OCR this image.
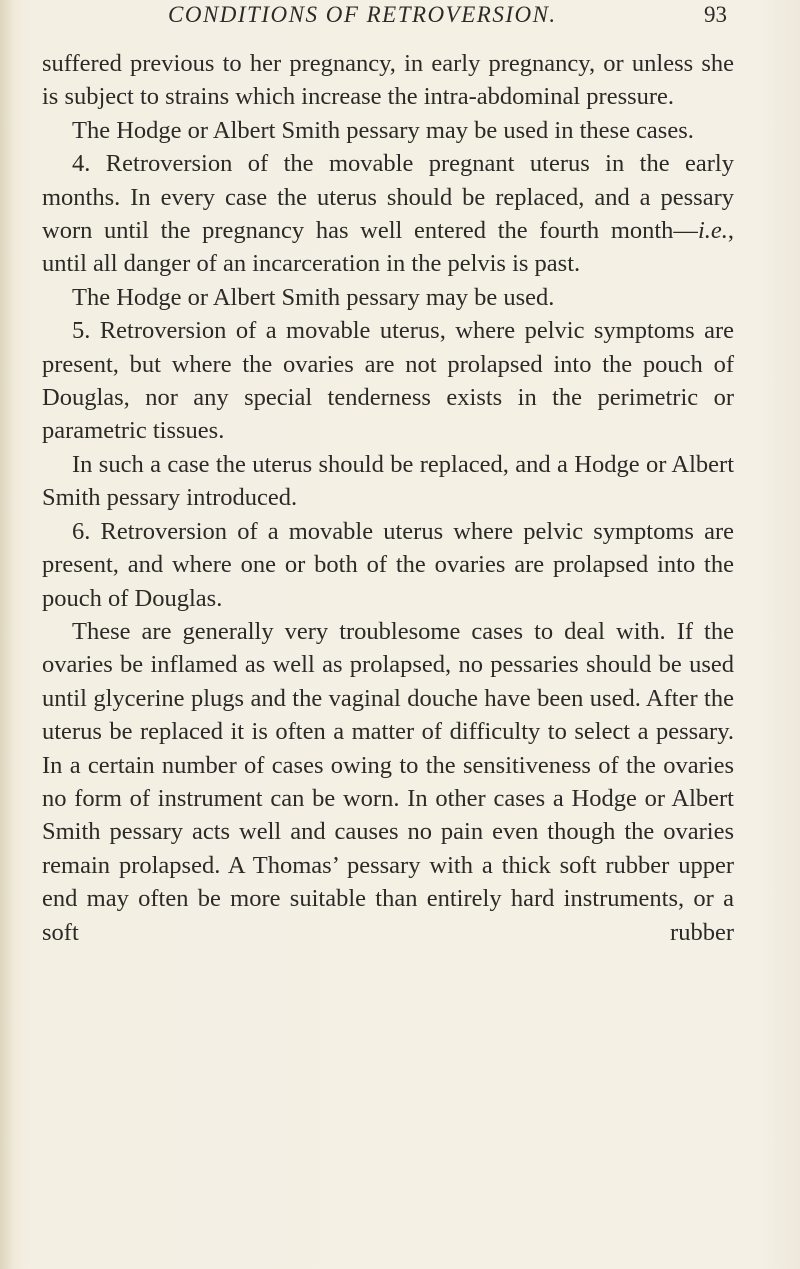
CONDITIONS OF RETROVERSION.	93

suffered previous to her pregnancy, in early pregnancy, or unless she is subject to strains which increase the intra-abdominal pressure.

The Hodge or Albert Smith pessary may be used in these cases.

4. Retroversion of the movable pregnant uterus in the early months. In every case the uterus should be replaced, and a pessary worn until the pregnancy has well entered the fourth month—i.e., until all danger of an incarceration in the pelvis is past.

The Hodge or Albert Smith pessary may be used.

5. Retroversion of a movable uterus, where pelvic symptoms are present, but where the ovaries are not prolapsed into the pouch of Douglas, nor any special tenderness exists in the perimetric or parametric tissues.

In such a case the uterus should be replaced, and a Hodge or Albert Smith pessary introduced.

6. Retroversion of a movable uterus where pelvic symptoms are present, and where one or both of the ovaries are prolapsed into the pouch of Douglas.

These are generally very troublesome cases to deal with. If the ovaries be inflamed as well as prolapsed, no pessaries should be used until glycerine plugs and the vaginal douche have been used. After the uterus be replaced it is often a matter of difficulty to select a pessary. In a certain number of cases owing to the sensitiveness of the ovaries no form of instrument can be worn. In other cases a Hodge or Albert Smith pessary acts well and causes no pain even though the ovaries remain prolapsed. A Thomas’ pessary with a thick soft rubber upper end may often be more suitable than entirely hard instruments, or a soft rubber
